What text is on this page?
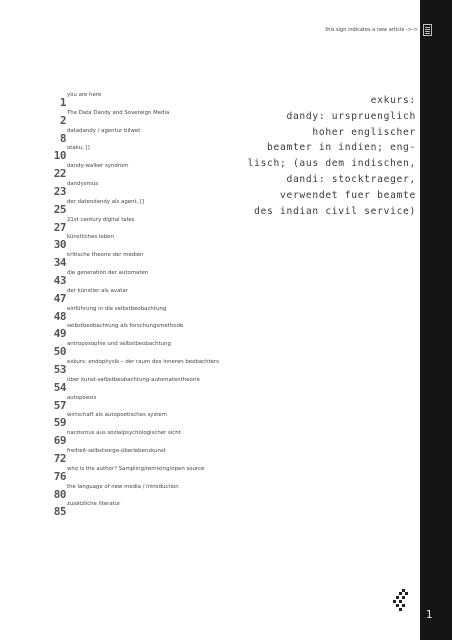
1
this sign indicates a new article ->->
1
you are here
2
The Data Dandy and Sovereign Media
8
datadandy / agentur bilwet
10
otaku, []
22
dandy-walker syndrom
23
dandysmus
25
der datendandy als agent, []
27
21st century digital tales
30
künstliches leben
34
kritische theorie der medien
43
die generation der automaten
47
der künstler als avatar
48
einführung in die selbstbeobachtung
49
selbstbeobachtung als forschungsmethode
50
antroposophie und selbstbeobachtung
53
exkurs: endophysik – der raum des inneren beobachters
54
über kunst-selbstbeobachtung-automatentheorie
57
autopoesis
59
wirtschaft als autopoetisches system
69
narzismus aus sozialpsychologischer sicht
72
freiheit-selbstsorge-überlebenskunst
76
who is the author? Sampling/remixing/open source
80
the language of new media / introduction
85
zusätzliche literatur
exkurs:
dandy: urspruenglich
hoher englischer
beamter in indien; eng-
lisch; (aus dem indischen,
dandi: stocktraeger,
verwendet fuer beamte
des indian civil service)
